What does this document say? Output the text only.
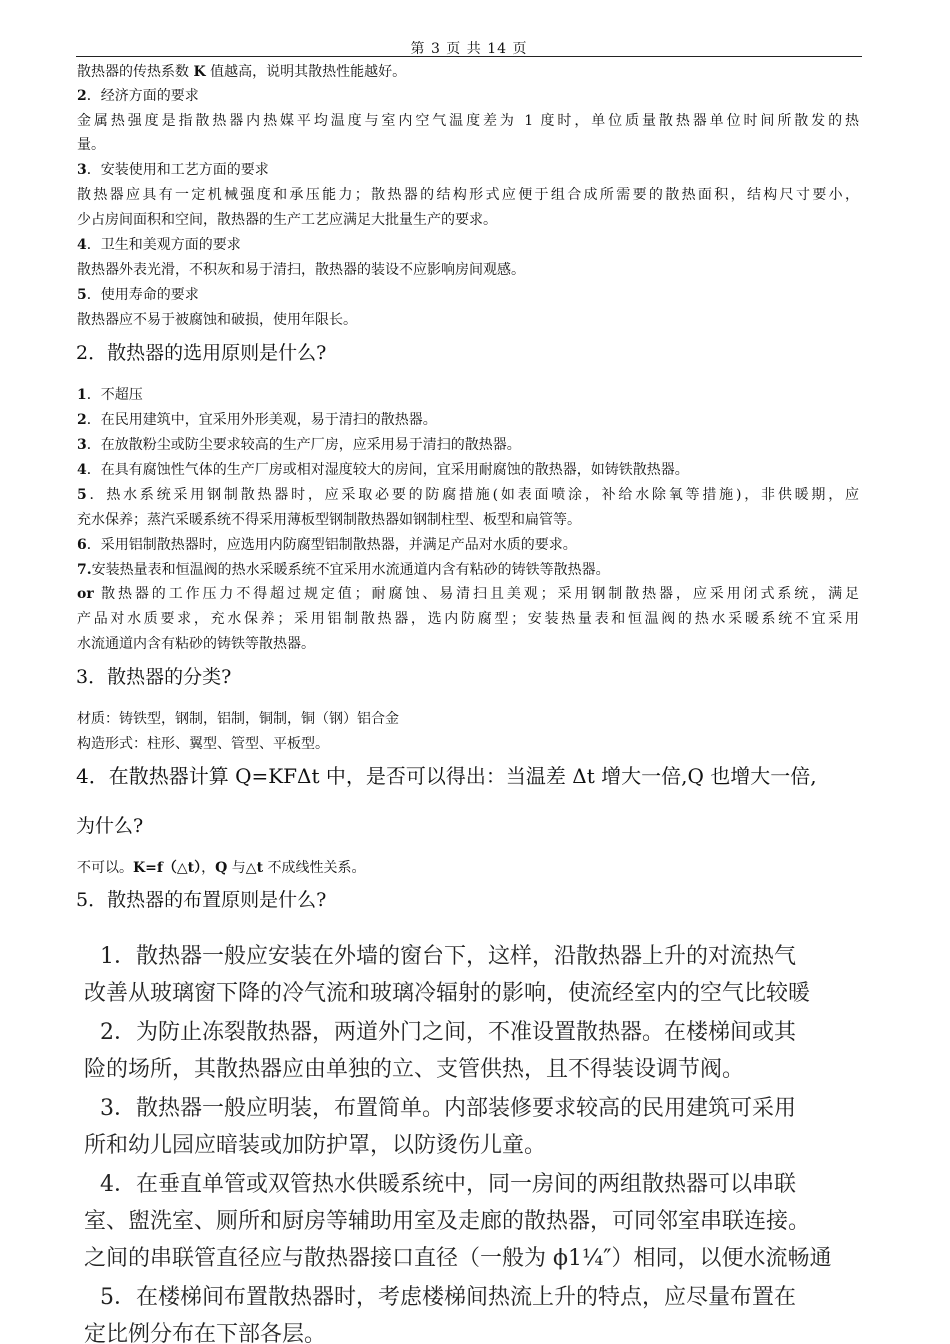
第 3 页 共 14 页
散热器的传热系数 K 值越高，说明其散热性能越好。
2．经济方面的要求
金属热强度是指散热器内热媒平均温度与室内空气温度差为 1 度时，单位质量散热器单位时间所散发的热
量。
3．安装使用和工艺方面的要求
散热器应具有一定机械强度和承压能力；散热器的结构形式应便于组合成所需要的散热面积，结构尺寸要小，
少占房间面积和空间，散热器的生产工艺应满足大批量生产的要求。
4．卫生和美观方面的要求
散热器外表光滑，不积灰和易于清扫，散热器的装设不应影响房间观感。
5．使用寿命的要求
散热器应不易于被腐蚀和破损，使用年限长。
2．散热器的选用原则是什么?
1．不超压
2．在民用建筑中，宜采用外形美观，易于清扫的散热器。
3．在放散粉尘或防尘要求较高的生产厂房，应采用易于清扫的散热器。
4．在具有腐蚀性气体的生产厂房或相对湿度较大的房间，宜采用耐腐蚀的散热器，如铸铁散热器。
5．热水系统采用钢制散热器时，应采取必要的防腐措施(如表面喷涂，补给水除氧等措施)，非供暖期，应
充水保养；蒸汽采暖系统不得采用薄板型钢制散热器如钢制柱型、板型和扁管等。
6．采用铝制散热器时，应选用内防腐型铝制散热器，并满足产品对水质的要求。
7.安装热量表和恒温阀的热水采暖系统不宜采用水流通道内含有粘砂的铸铁等散热器。
or 散热器的工作压力不得超过规定值；耐腐蚀、易清扫且美观；采用钢制散热器，应采用闭式系统，满足
产品对水质要求，充水保养；采用铝制散热器，选内防腐型；安装热量表和恒温阀的热水采暖系统不宜采用
水流通道内含有粘砂的铸铁等散热器。
3．散热器的分类?
材质：铸铁型，钢制，铝制，铜制，铜（钢）铝合金
构造形式：柱形、翼型、管型、平板型。
4．在散热器计算 Q=KFΔt 中，是否可以得出：当温差 Δt 增大一倍,Q 也增大一倍,
为什么?
不可以。K=f（△t），Q 与△t 不成线性关系。
5．散热器的布置原则是什么?
　1．散热器一般应安装在外墙的窗台下，这样，沿散热器上升的对流热气
改善从玻璃窗下降的冷气流和玻璃冷辐射的影响，使流经室内的空气比较暖
　2．为防止冻裂散热器，两道外门之间，不准设置散热器。在楼梯间或其
险的场所，其散热器应由单独的立、支管供热，且不得装设调节阀。
　3．散热器一般应明装，布置简单。内部装修要求较高的民用建筑可采用
所和幼儿园应暗装或加防护罩，以防烫伤儿童。
　4．在垂直单管或双管热水供暖系统中，同一房间的两组散热器可以串联
室、盥洗室、厕所和厨房等辅助用室及走廊的散热器，可同邻室串联连接。
之间的串联管直径应与散热器接口直径（一般为 ϕ1¼″）相同，以便水流畅通
　5．在楼梯间布置散热器时，考虑楼梯间热流上升的特点，应尽量布置在
定比例分布在下部各层。
